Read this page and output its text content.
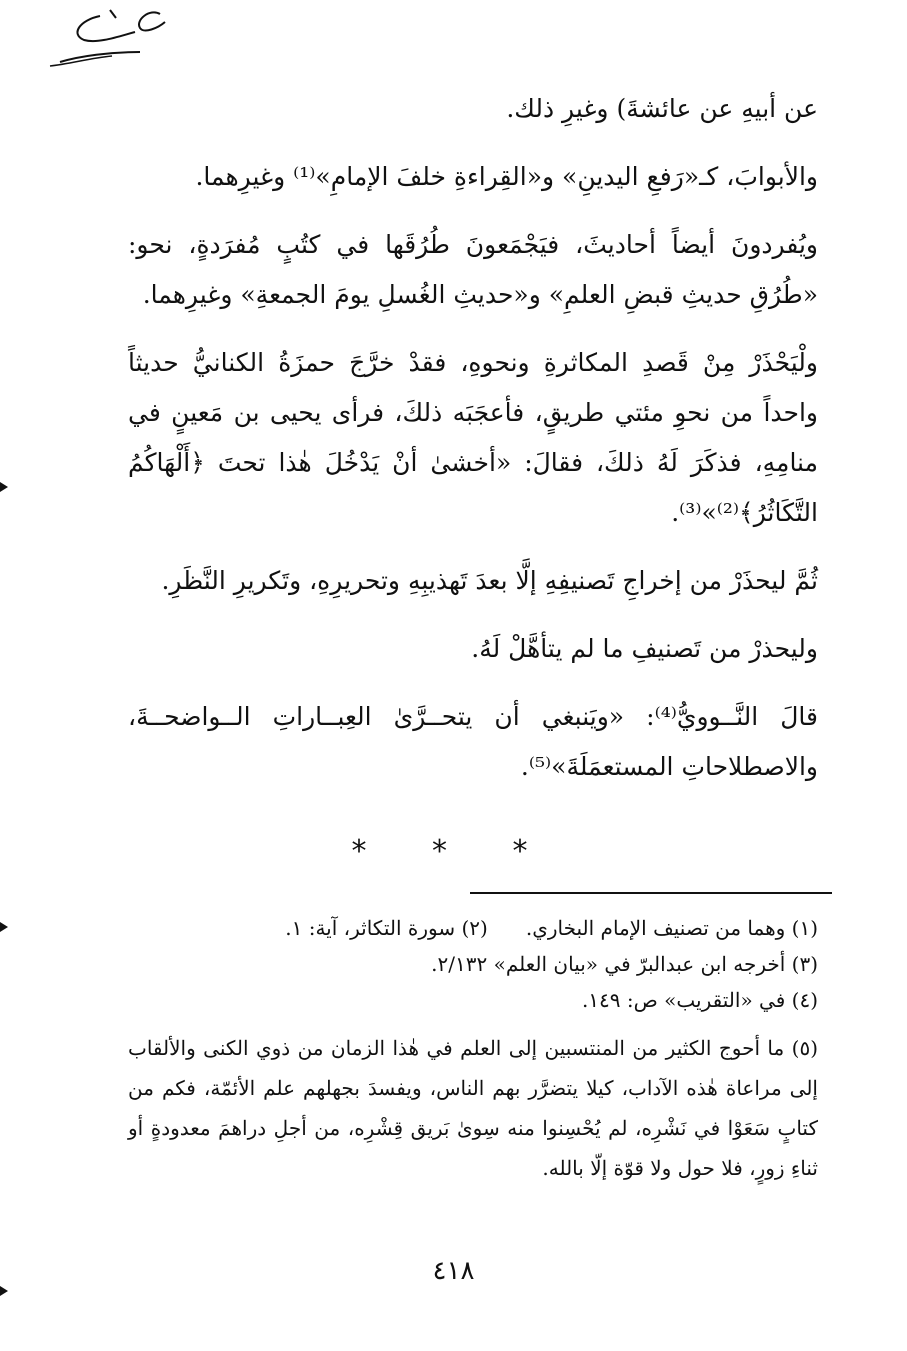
عن أبيهِ عن عائشةَ) وغيرِ ذلك.

والأبوابَ، كـ«رَفعِ اليدينِ» و«القِراءةِ خلفَ الإمامِ»⁽¹⁾ وغيرِهما.

ويُفردونَ أيضاً أحاديثَ، فيَجْمَعونَ طُرُقَها في كتُبٍ مُفرَدةٍ، نحو: «طُرُقِ حديثِ قبضِ العلمِ» و«حديثِ الغُسلِ يومَ الجمعةِ» وغيرِهما.

ولْيَحْذَرْ مِنْ قَصدِ المكاثرةِ ونحوهِ، فقدْ خرَّجَ حمزَةُ الكنانيُّ حديثاً واحداً من نحوِ مئتي طريقٍ، فأعجَبَه ذلكَ، فرأى يحيى بن مَعينٍ في منامِهِ، فذكَرَ لَهُ ذلكَ، فقالَ: «أخشىٰ أنْ يَدْخُلَ هٰذا تحتَ ﴿أَلْهَاكُمُ التَّكَاثُرُ﴾⁽²⁾»⁽³⁾.

ثُمَّ ليحذَرْ من إخراجِ تَصنيفِهِ إلَّا بعدَ تَهذيبِهِ وتحريرِهِ، وتَكريرِ النَّظَرِ.

وليحذرْ من تَصنيفِ ما لم يتأهَّلْ لَهُ.

قالَ النَّــوويُّ⁽⁴⁾: «ويَنبغي أن يتحــرَّىٰ العِبــاراتِ الــواضحــةَ، والاصطلاحاتِ المستعمَلَةَ»⁽⁵⁾.

* * *
(١) وهما من تصنيف الإمام البخاري.
(٢) سورة التكاثر، آية: ١.
(٣) أخرجه ابن عبدالبرّ في «بيان العلم» ٢/١٣٢.
(٤) في «التقريب» ص: ١٤٩.
(٥) ما أحوج الكثير من المنتسبين إلى العلم في هٰذا الزمان من ذوي الكنى والألقاب إلى مراعاة هٰذه الآداب، كيلا يتضرَّر بهم الناس، ويفسدَ بجهلهم علم الأئمّة، فكم من كتابٍ سَعَوْا في نَشْرِه، لم يُحْسِنوا منه سِوىٰ بَريق قِشْرِه، من أجلِ دراهمَ معدودةٍ أو ثناءِ زورٍ، فلا حول ولا قوّة إلّا بالله.
٤١٨
